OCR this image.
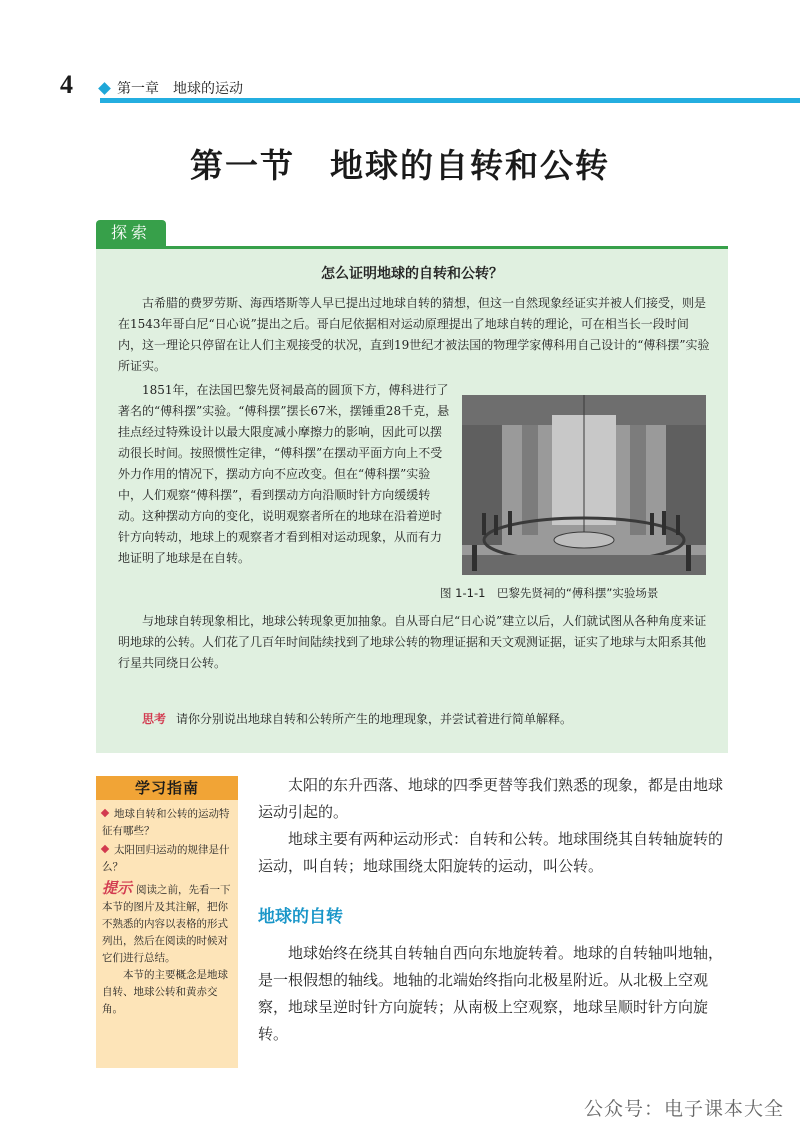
4	第一章　地球的运动
第一节　地球的自转和公转
探索
怎么证明地球的自转和公转？

古希腊的费罗劳斯、海西塔斯等人早已提出过地球自转的猜想，但这一自然现象经证实并被人们接受，则是在1543年哥白尼“日心说”提出之后。哥白尼依据相对运动原理提出了地球自转的理论，可在相当长一段时间内，这一理论只停留在让人们主观接受的状况，直到19世纪才被法国的物理学家傅科用自己设计的“傅科摆”实验所证实。

1851年，在法国巴黎先贤祠最高的圆顶下方，傅科进行了著名的“傅科摆”实验。“傅科摆”摆长67米，摆锤重28千克，悬挂点经过特殊设计以最大限度减小摩擦力的影响，因此可以摆动很长时间。按照惯性定律，“傅科摆”在摆动平面方向上不受外力作用的情况下，摆动方向不应改变。但在“傅科摆”实验中，人们观察“傅科摆”，看到摆动方向沿顺时针方向缓缓转动。这种摆动方向的变化，说明观察者所在的地球在沿着逆时针方向转动，地球上的观察者才看到相对运动现象，从而有力地证明了地球是在自转。

图 1-1-1　巴黎先贤祠的“傅科摆”实验场景

与地球自转现象相比，地球公转现象更加抽象。自从哥白尼“日心说”建立以后，人们就试图从各种角度来证明地球的公转。人们花了几百年时间陆续找到了地球公转的物理证据和天文观测证据，证实了地球与太阳系其他行星共同绕日公转。

思考 请你分别说出地球自转和公转所产生的地理现象，并尝试着进行简单解释。
学习指南

地球自转和公转的运动特征有哪些？

太阳回归运动的规律是什么？

提示 阅读之前，先看一下本节的图片及其注解，把你不熟悉的内容以表格的形式列出，然后在阅读的时候对它们进行总结。

本节的主要概念是地球自转、地球公转和黄赤交角。

太阳的东升西落、地球的四季更替等我们熟悉的现象，都是由地球运动引起的。

地球主要有两种运动形式：自转和公转。地球围绕其自转轴旋转的运动，叫自转；地球围绕太阳旋转的运动，叫公转。

地球的自转

地球始终在绕其自转轴自西向东地旋转着。地球的自转轴叫地轴，是一根假想的轴线。地轴的北端始终指向北极星附近。从北极上空观察，地球呈逆时针方向旋转；从南极上空观察，地球呈顺时针方向旋转。

公众号：电子课本大全
